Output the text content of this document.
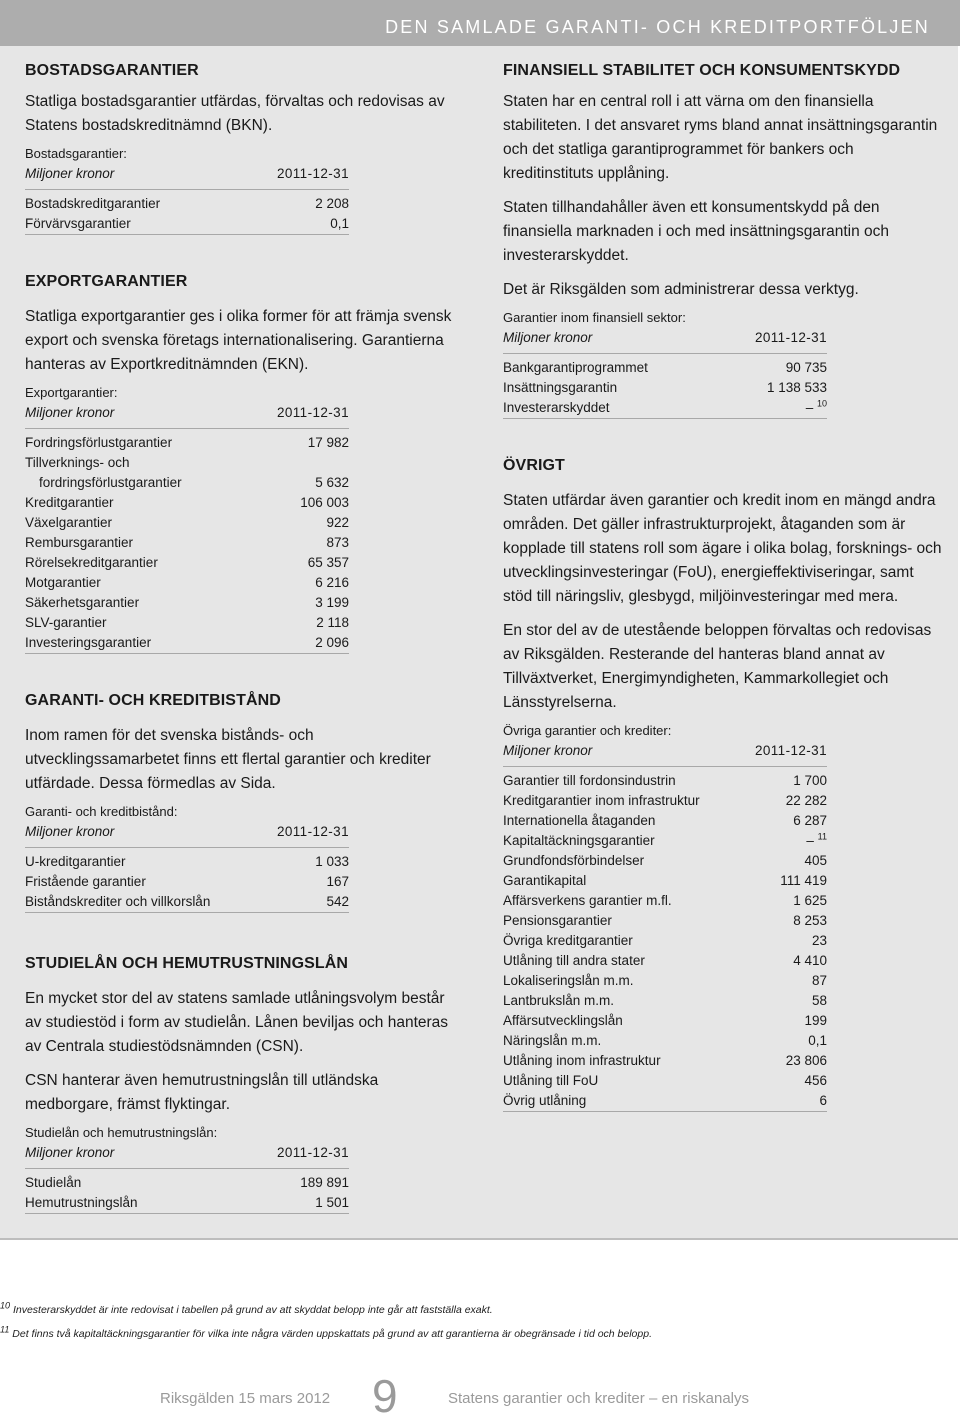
DEN SAMLADE GARANTI- OCH KREDITPORTFÖLJEN
BOSTADSGARANTIER

Statliga bostadsgarantier utfärdas, förvaltas och redovisas av Statens bostadskreditnämnd (BKN).

Bostadsgarantier:

Miljoner kronor	2011-12-31
Bostadskreditgarantier	2 208
Förvärvsgarantier	0,1
EXPORTGARANTIER

Statliga exportgarantier ges i olika former för att främja svensk export och svenska företags internationalisering. Garantierna hanteras av Exportkreditnämnden (EKN).

Exportgarantier:

Miljoner kronor	2011-12-31
Fordringsförlustgarantier	17 982
Tillverknings- och
fordringsförlustgarantier	5 632
Kreditgarantier	106 003
Växelgarantier	922
Rembursgarantier	873
Rörelsekreditgarantier	65 357
Motgarantier	6 216
Säkerhetsgarantier	3 199
SLV-garantier	2 118
Investeringsgarantier	2 096
GARANTI- OCH KREDITBISTÅND

Inom ramen för det svenska bistånds- och utvecklingssamarbetet finns ett flertal garantier och krediter utfärdade. Dessa förmedlas av Sida.

Garanti- och kreditbistånd:

Miljoner kronor	2011-12-31
U-kreditgarantier	1 033
Fristående garantier	167
Biståndskrediter och villkorslån	542
STUDIELÅN OCH HEMUTRUSTNINGSLÅN

En mycket stor del av statens samlade utlåningsvolym består av studiestöd i form av studielån. Lånen beviljas och hanteras av Centrala studiestödsnämnden (CSN).

CSN hanterar även hemutrustningslån till utländska medborgare, främst flyktingar.

Studielån och hemutrustningslån:

Miljoner kronor	2011-12-31
Studielån	189 891
Hemutrustningslån	1 501
FINANSIELL STABILITET OCH KONSUMENTSKYDD

Staten har en central roll i att värna om den finansiella stabiliteten. I det ansvaret ryms bland annat insättningsgarantin och det statliga garantiprogrammet för bankers och kreditinstituts upplåning.

Staten tillhandahåller även ett konsumentskydd på den finansiella marknaden i och med insättningsgarantin och investerarskyddet.

Det är Riksgälden som administrerar dessa verktyg.

Garantier inom finansiell sektor:

Miljoner kronor	2011-12-31
Bankgarantiprogrammet	90 735
Insättningsgarantin	1 138 533
Investerarskyddet	– $^{10}$
ÖVRIGT

Staten utfärdar även garantier och kredit inom en mängd andra områden. Det gäller infrastrukturprojekt, åtaganden som är kopplade till statens roll som ägare i olika bolag, forsknings- och utvecklingsinvesteringar (FoU), energieffektiviseringar, samt stöd till näringsliv, glesbygd, miljöinvesteringar med mera.

En stor del av de utestående beloppen förvaltas och redovisas av Riksgälden. Resterande del hanteras bland annat av Tillväxtverket, Energimyndigheten, Kammarkollegiet och Länsstyrelserna.

Övriga garantier och krediter:

Miljoner kronor	2011-12-31
Garantier till fordonsindustrin	1 700
Kreditgarantier inom infrastruktur	22 282
Internationella åtaganden	6 287
Kapitaltäckningsgarantier	– $^{11}$
Grundfondsförbindelser	405
Garantikapital	111 419
Affärsverkens garantier m.fl.	1 625
Pensionsgarantier	8 253
Övriga kreditgarantier	23
Utlåning till andra stater	4 410
Lokaliseringslån m.m.	87
Lantbrukslån m.m.	58
Affärsutvecklingslån	199
Näringslån m.m.	0,1
Utlåning inom infrastruktur	23 806
Utlåning till FoU	456
Övrig utlåning	6

$^{10}$ Investerarskyddet är inte redovisat i tabellen på grund av att skyddat belopp inte går att fastställa exakt.

$^{11}$ Det finns två kapitaltäckningsgarantier för vilka inte några värden uppskattats på grund av att garantierna är obegränsade i tid och belopp.

Riksgälden 15 mars 2012 9	Statens garantier och krediter – en riskanalys
